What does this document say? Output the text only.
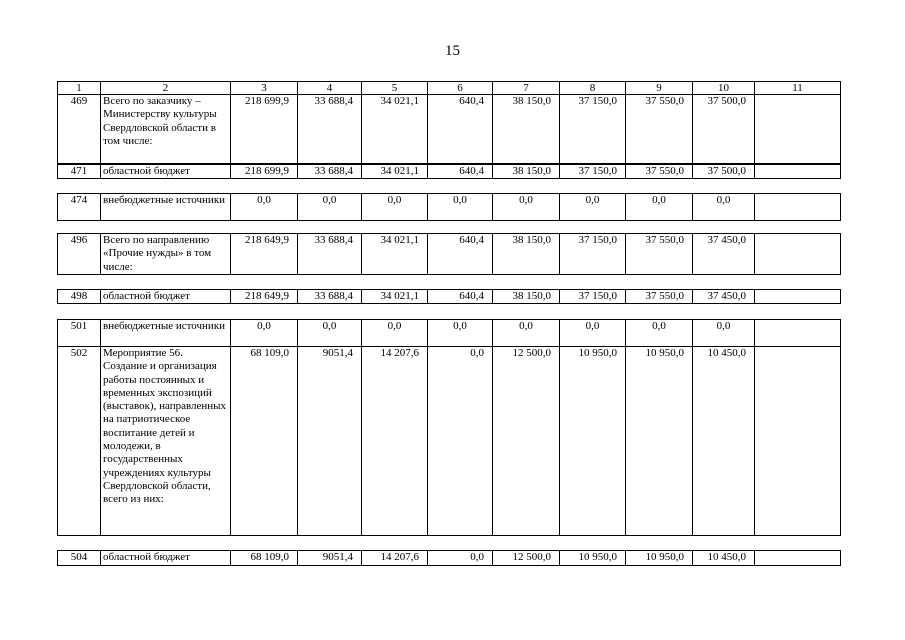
15
1	2	3	4	5	6	7	8	9	10	11
469	Всего по заказчику – Министерству культуры Свердловской области в том числе:	218 699,9	33 688,4	34 021,1	640,4	38 150,0	37 150,0	37 550,0	37 500,0	
471	областной бюджет	218 699,9	33 688,4	34 021,1	640,4	38 150,0	37 150,0	37 550,0	37 500,0	
474	внебюджетные источники	0,0	0,0	0,0	0,0	0,0	0,0	0,0	0,0	
496	Всего по направлению «Прочие нужды» в том числе:	218 649,9	33 688,4	34 021,1	640,4	38 150,0	37 150,0	37 550,0	37 450,0	
498	областной бюджет	218 649,9	33 688,4	34 021,1	640,4	38 150,0	37 150,0	37 550,0	37 450,0	
501	внебюджетные источники	0,0	0,0	0,0	0,0	0,0	0,0	0,0	0,0	
502	Мероприятие 56. Создание и организация работы постоянных и временных экспозиций (выставок), направленных на патриотическое воспитание детей и молодежи, в государственных учреждениях культуры Свердловской области, всего из них:	68 109,0	9051,4	14 207,6	0,0	12 500,0	10 950,0	10 950,0	10 450,0	
504	областной бюджет	68 109,0	9051,4	14 207,6	0,0	12 500,0	10 950,0	10 950,0	10 450,0	
